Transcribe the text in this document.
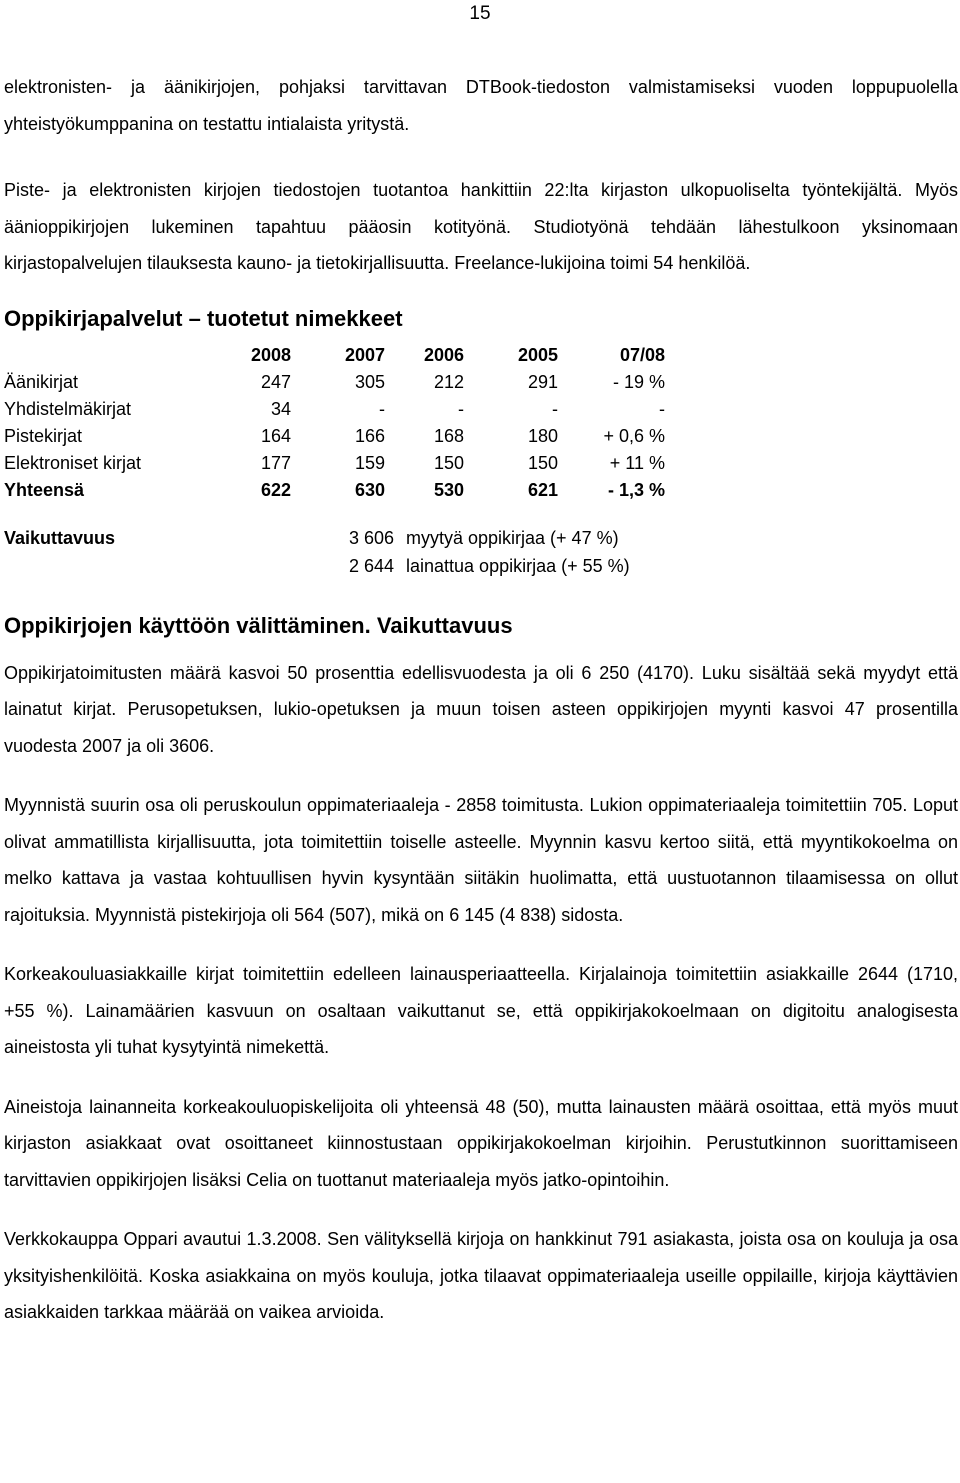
15

elektronisten- ja äänikirjojen, pohjaksi tarvittavan DTBook-tiedoston valmistamiseksi vuoden loppupuolella yhteistyökumppanina on testattu intialaista yritystä.

Piste- ja elektronisten kirjojen tiedostojen tuotantoa hankittiin 22:lta kirjaston ulkopuoliselta työntekijältä. Myös äänioppikirjojen lukeminen tapahtuu pääosin kotityönä. Studiotyönä tehdään lähestulkoon yksinomaan kirjastopalvelujen tilauksesta kauno- ja tietokirjallisuutta. Freelance-lukijoina toimi 54 henkilöä.

Oppikirjapalvelut – tuotetut nimekkeet
	2008	2007	2006	2005	07/08
Äänikirjat	247	305	212	291	- 19 %
Yhdistelmäkirjat	34	-	-	-	-
Pistekirjat	164	166	168	180	+ 0,6 %
Elektroniset kirjat	177	159	150	150	+ 11 %
Yhteensä	622	630	530	621	- 1,3 %
Vaikuttavuus	3 606 myytyä oppikirjaa (+ 47 %)
2 644 lainattua oppikirjaa (+ 55 %)
Oppikirjojen käyttöön välittäminen. Vaikuttavuus

Oppikirjatoimitusten määrä kasvoi 50 prosenttia edellisvuodesta ja oli 6 250 (4170). Luku sisältää sekä myydyt että lainatut kirjat. Perusopetuksen, lukio-opetuksen ja muun toisen asteen oppikirjojen myynti kasvoi 47 prosentilla vuodesta 2007 ja oli 3606.

Myynnistä suurin osa oli peruskoulun oppimateriaaleja - 2858 toimitusta. Lukion oppimateriaaleja toimitettiin 705. Loput olivat ammatillista kirjallisuutta, jota toimitettiin toiselle asteelle. Myynnin kasvu kertoo siitä, että myyntikokoelma on melko kattava ja vastaa kohtuullisen hyvin kysyntään siitäkin huolimatta, että uustuotannon tilaamisessa on ollut rajoituksia. Myynnistä pistekirjoja oli 564 (507), mikä on 6 145 (4 838) sidosta.

Korkeakouluasiakkaille kirjat toimitettiin edelleen lainausperiaatteella. Kirjalainoja toimitettiin asiakkaille 2644 (1710, +55 %). Lainamäärien kasvuun on osaltaan vaikuttanut se, että oppikirjakokoelmaan on digitoitu analogisesta aineistosta yli tuhat kysytyintä nimekettä.

Aineistoja lainanneita korkeakouluopiskelijoita oli yhteensä 48 (50), mutta lainausten määrä osoittaa, että myös muut kirjaston asiakkaat ovat osoittaneet kiinnostustaan oppikirjakokoelman kirjoihin. Perustutkinnon suorittamiseen tarvittavien oppikirjojen lisäksi Celia on tuottanut materiaaleja myös jatko-opintoihin.

Verkkokauppa Oppari avautui 1.3.2008. Sen välityksellä kirjoja on hankkinut 791 asiakasta, joista osa on kouluja ja osa yksityishenkilöitä. Koska asiakkaina on myös kouluja, jotka tilaavat oppimateriaaleja useille oppilaille, kirjoja käyttävien asiakkaiden tarkkaa määrää on vaikea arvioida.
